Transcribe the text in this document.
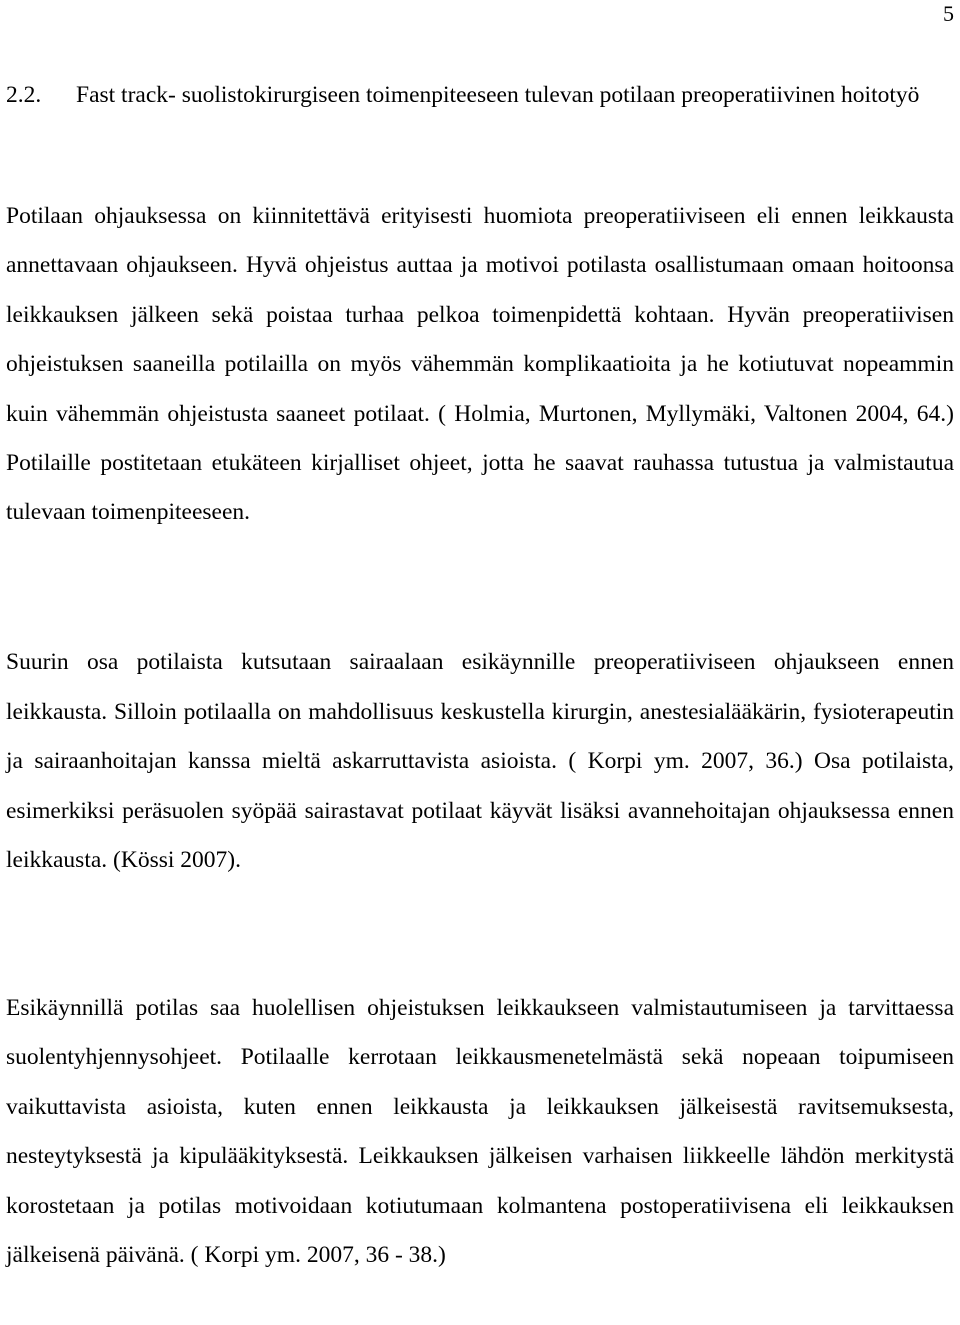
5
2.2.	Fast track- suolistokirurgiseen toimenpiteeseen tulevan potilaan preoperatiivinen hoitotyö

Potilaan ohjauksessa on kiinnitettävä erityisesti huomiota preoperatiiviseen eli ennen leikkausta annettavaan ohjaukseen. Hyvä ohjeistus auttaa ja motivoi potilasta osallistumaan omaan hoitoonsa leikkauksen jälkeen sekä poistaa turhaa pelkoa toimenpidettä kohtaan. Hyvän preoperatiivisen ohjeistuksen saaneilla potilailla on myös vähemmän komplikaatioita ja he kotiutuvat nopeammin kuin vähemmän ohjeistusta saaneet potilaat. ( Holmia, Murtonen, Myllymäki, Valtonen 2004, 64.) Potilaille postitetaan etukäteen kirjalliset ohjeet, jotta he saavat rauhassa tutustua ja valmistautua tulevaan toimenpiteeseen.

Suurin osa potilaista kutsutaan sairaalaan esikäynnille preoperatiiviseen ohjaukseen ennen leikkausta. Silloin potilaalla on mahdollisuus keskustella kirurgin, anestesialääkärin, fysioterapeutin ja sairaanhoitajan kanssa mieltä askarruttavista asioista. ( Korpi ym. 2007, 36.) Osa potilaista, esimerkiksi peräsuolen syöpää sairastavat potilaat käyvät lisäksi avannehoitajan ohjauksessa ennen leikkausta. (Kössi 2007).

Esikäynnillä potilas saa huolellisen ohjeistuksen leikkaukseen valmistautumiseen ja tarvittaessa suolentyhjennysohjeet. Potilaalle kerrotaan leikkausmenetelmästä sekä nopeaan toipumiseen vaikuttavista asioista, kuten ennen leikkausta ja leikkauksen jälkeisestä ravitsemuksesta, nesteytyksestä ja kipulääkityksestä. Leikkauksen jälkeisen varhaisen liikkeelle lähdön merkitystä korostetaan ja potilas motivoidaan kotiutumaan kolmantena postoperatiivisena eli leikkauksen jälkeisenä päivänä. ( Korpi ym. 2007, 36 - 38.)
